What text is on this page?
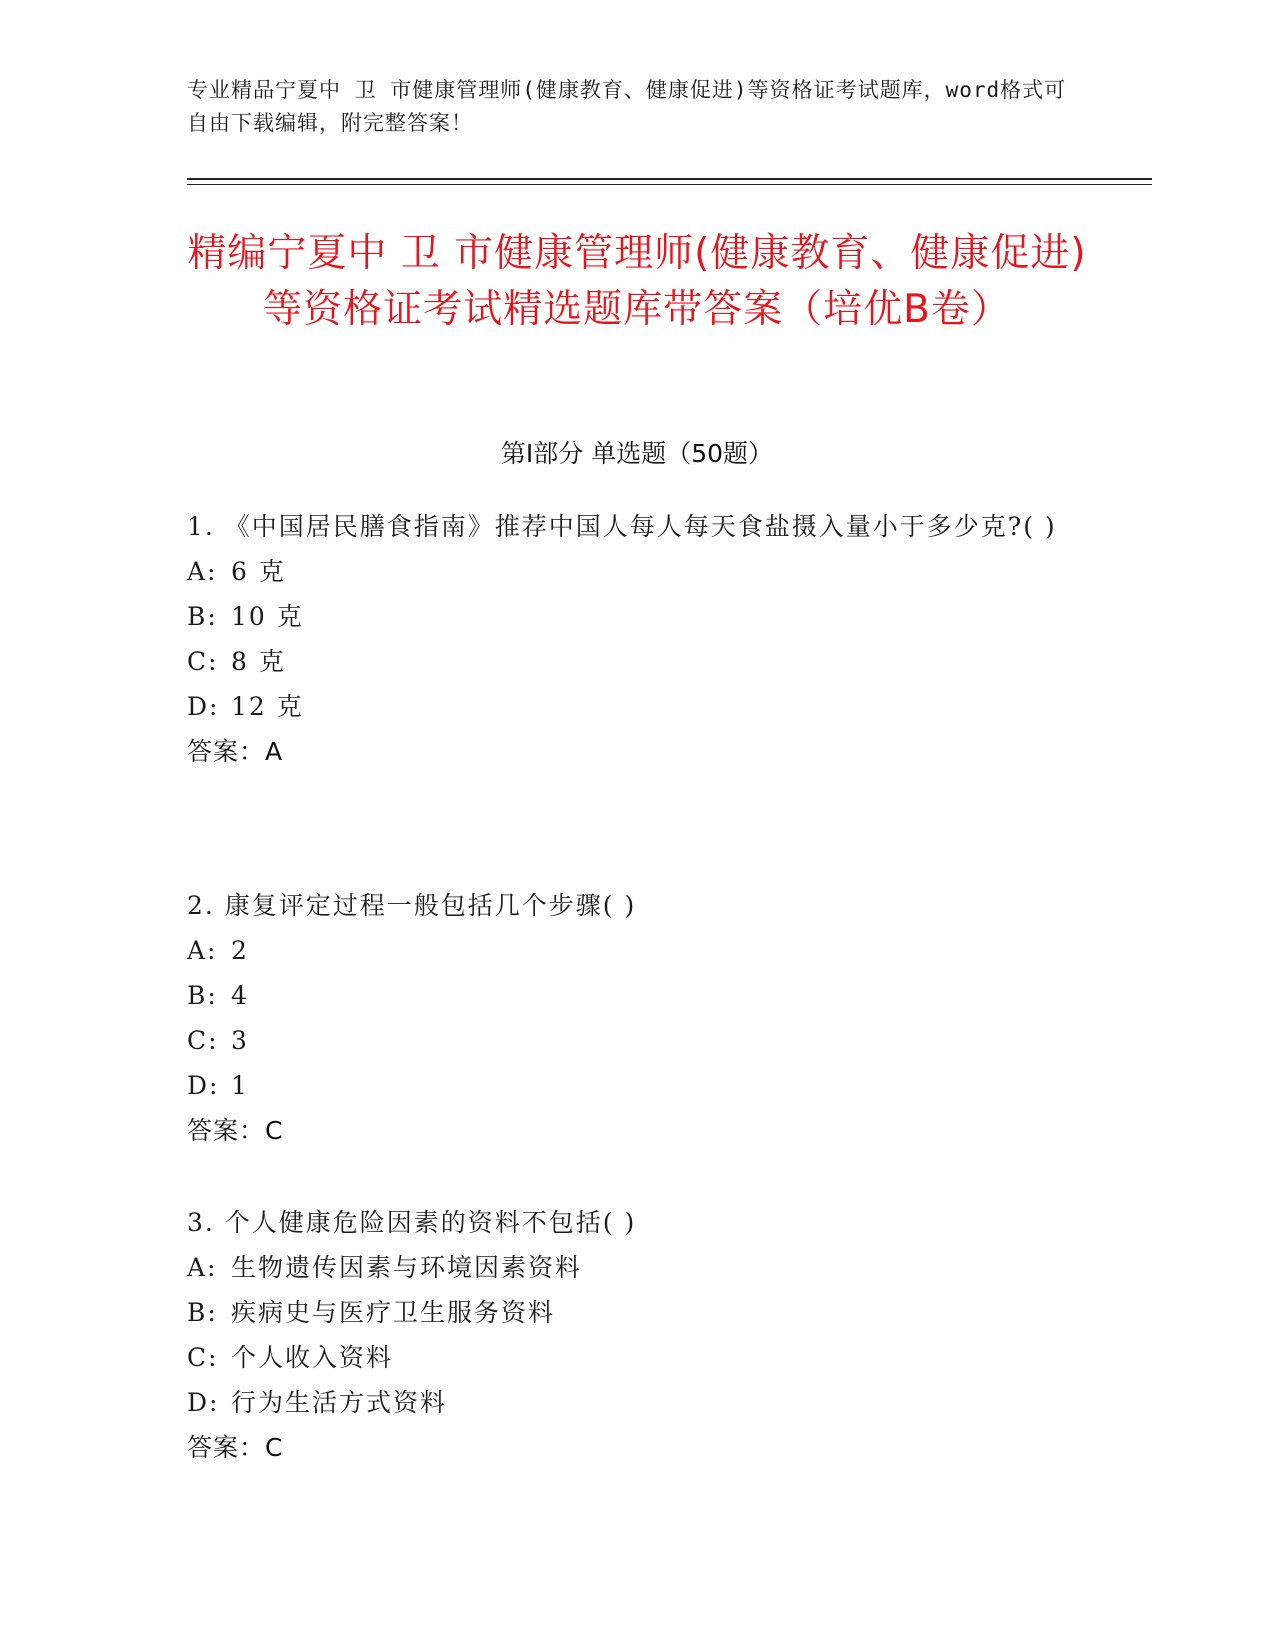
专业精品宁夏中 卫 市健康管理师(健康教育、健康促进)等资格证考试题库，word格式可自由下载编辑，附完整答案！
精编宁夏中 卫 市健康管理师(健康教育、健康促进)等资格证考试精选题库带答案（培优B卷）
第Ⅰ部分 单选题（50题）
1. 《中国居民膳食指南》推荐中国人每人每天食盐摄入量小于多少克?( )
A: 6 克
B: 10 克
C: 8 克
D: 12 克
答案：A
2. 康复评定过程一般包括几个步骤( )
A: 2
B: 4
C: 3
D: 1
答案：C
3. 个人健康危险因素的资料不包括( )
A: 生物遗传因素与环境因素资料
B: 疾病史与医疗卫生服务资料
C: 个人收入资料
D: 行为生活方式资料
答案：C
